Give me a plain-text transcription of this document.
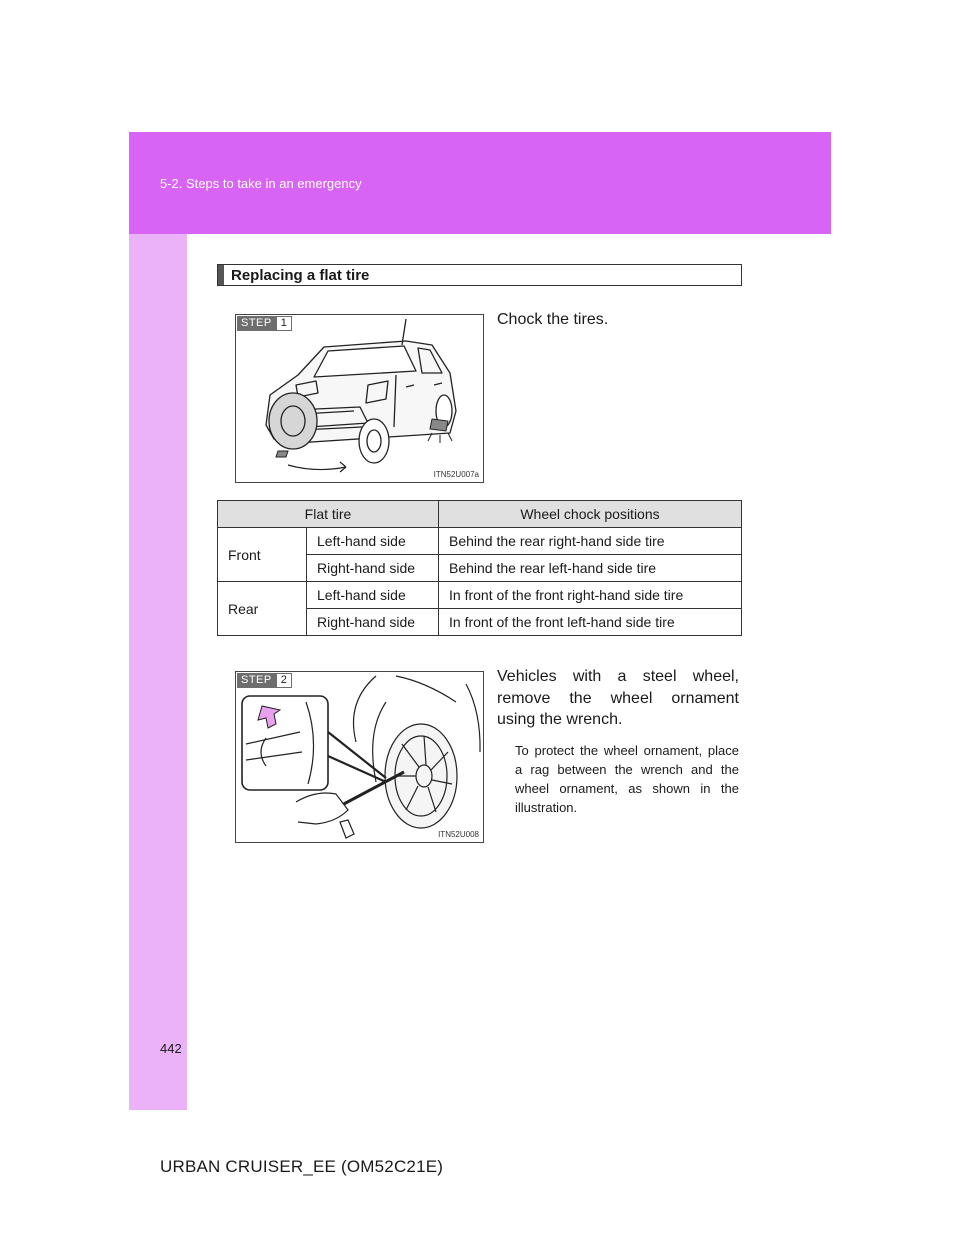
5-2. Steps to take in an emergency
Replacing a flat tire
STEP 1
ITN52U007a
Chock the tires.
Flat tire		Wheel chock positions
Front	Left-hand side	Behind the rear right-hand side tire
	Right-hand side	Behind the rear left-hand side tire
Rear	Left-hand side	In front of the front right-hand side tire
	Right-hand side	In front of the front left-hand side tire
STEP 2
ITN52U008
Vehicles with a steel wheel,
remove the wheel ornament
using the wrench.
To protect the wheel ornament, place a rag between the wrench and the wheel ornament, as shown in the illustration.
442
URBAN CRUISER_EE (OM52C21E)
